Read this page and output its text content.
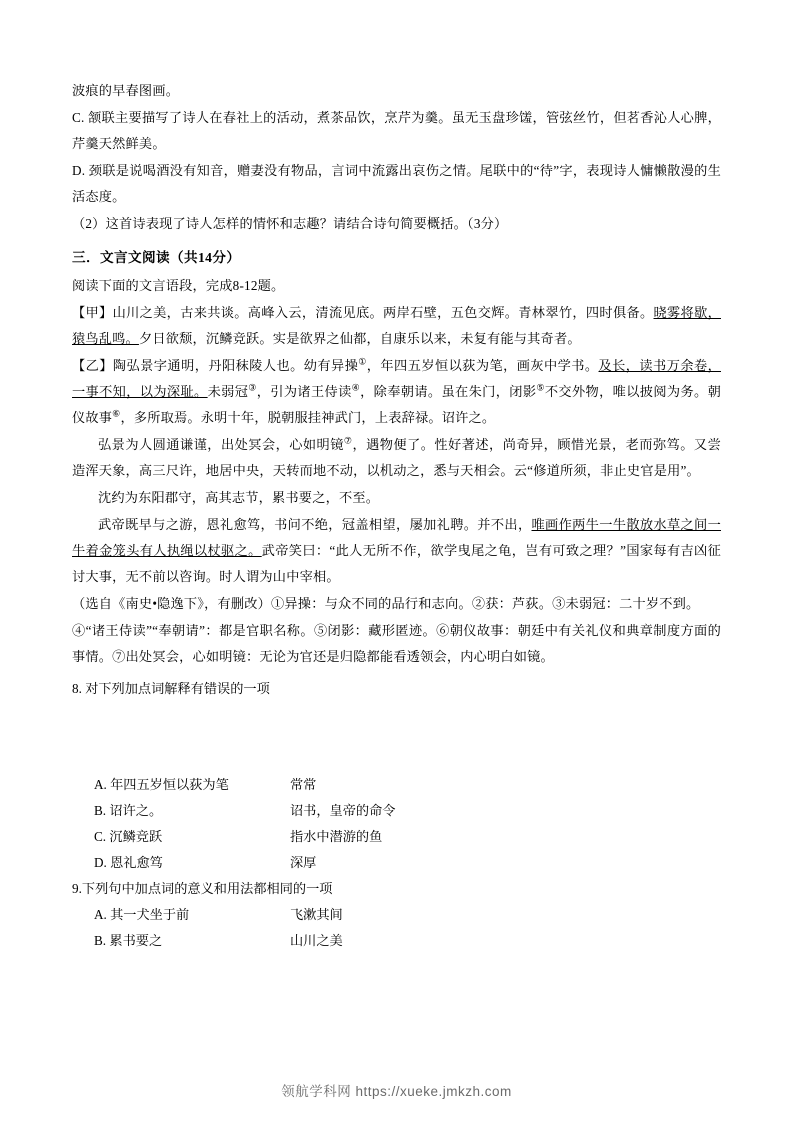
波痕的早春图画。

C. 颔联主要描写了诗人在春社上的活动，煮茶品饮，烹芹为羹。虽无玉盘珍馐，管弦丝竹，但茗香沁人心脾，芹羹天然鲜美。

D. 颈联是说喝酒没有知音，赠妻没有物品，言词中流露出哀伤之情。尾联中的“待”字，表现诗人慵懒散漫的生活态度。

（2）这首诗表现了诗人怎样的情怀和志趣？请结合诗句简要概括。（3分）

三．文言文阅读（共14分）

阅读下面的文言语段，完成8-12题。

【甲】山川之美，古来共谈。高峰入云，清流见底。两岸石壁，五色交辉。青林翠竹，四时俱备。晓雾将歇，猿鸟乱鸣。夕日欲颓，沉鳞竞跃。实是欲界之仙都，自康乐以来，未复有能与其奇者。

【乙】陶弘景字通明，丹阳秣陵人也。幼有异操①，年四五岁恒以荻为笔，画灰中学书。及长，读书万余卷，一事不知，以为深耻。未弱冠③，引为诸王侍读④，除奉朝请。虽在朱门，闭影⑤不交外物，唯以披阅为务。朝仪故事⑥，多所取焉。永明十年，脱朝服挂神武门，上表辞禄。诏许之。

弘景为人圆通谦谨，出处冥会，心如明镜⑦，遇物便了。性好著述，尚奇异，顾惜光景，老而弥笃。又尝造浑天象，高三尺许，地居中央，天转而地不动，以机动之，悉与天相会。云“修道所须，非止史官是用”。

沈约为东阳郡守，高其志节，累书要之，不至。

武帝既早与之游，恩礼愈笃，书问不绝，冠盖相望，屡加礼聘。并不出，唯画作两牛一牛散放水草之间一牛着金笼头有人执绳以杖驱之。武帝笑曰：“此人无所不作，欲学曳尾之龟，岂有可致之理？”国家每有吉凶征讨大事，无不前以咨询。时人谓为山中宰相。

（选自《南史•隐逸下》，有删改）①异操：与众不同的品行和志向。②获：芦荻。③未弱冠：二十岁不到。

④“诸王侍读”“奉朝请”：都是官职名称。⑤闭影：藏形匿迹。⑥朝仪故事：朝廷中有关礼仪和典章制度方面的事情。⑦出处冥会，心如明镜：无论为官还是归隐都能看透领会，内心明白如镜。

8. 对下列加点词解释有错误的一项

A. 年四五岁恒以荻为笔	常常
B. 诏许之。	诏书，皇帝的命令
C. 沉鳞竞跃	指水中潜游的鱼
D. 恩礼愈笃	深厚

9.下列句中加点词的意义和用法都相同的一项

A. 其一犬坐于前	飞漱其间
B. 累书要之	山川之美
领航学科网 https://xueke.jmkzh.com
